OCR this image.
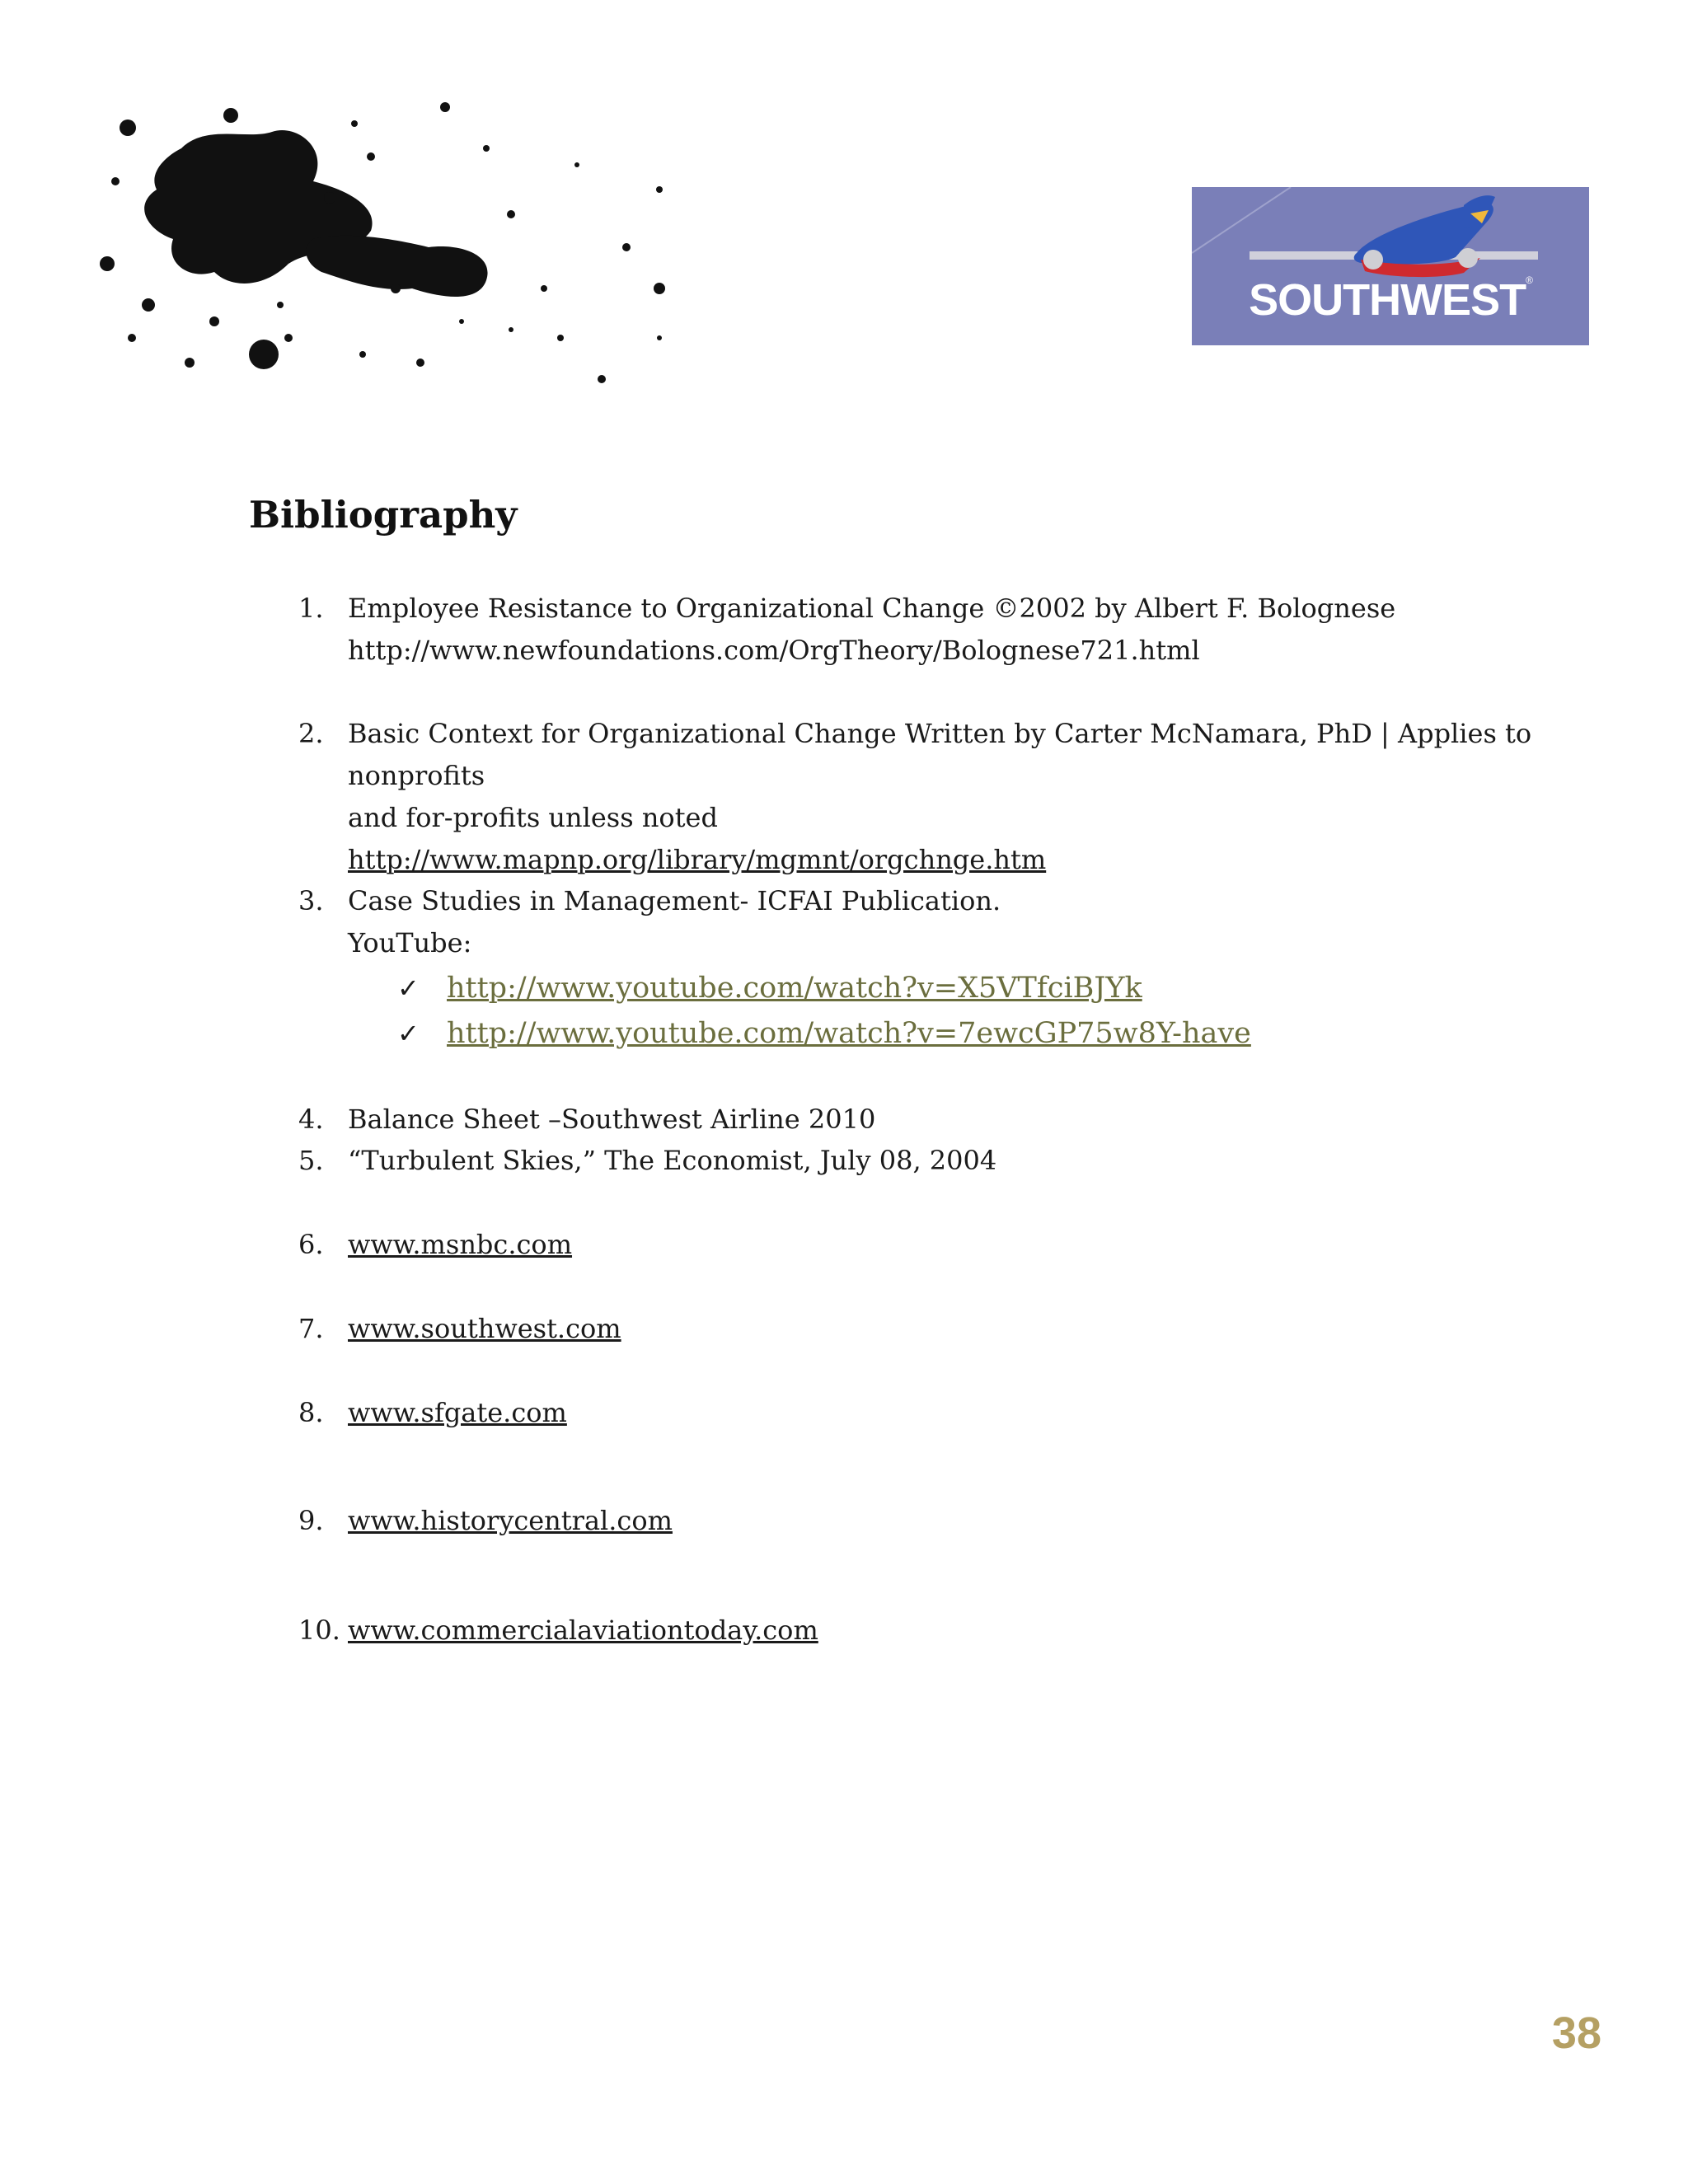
SOUTHWEST®
Bibliography
1. Employee Resistance to Organizational Change ©2002 by Albert F. Bolognese
http://www.newfoundations.com/OrgTheory/Bolognese721.html
2. Basic Context for Organizational Change Written by Carter McNamara, PhD | Applies to nonprofits
and for-profits unless noted
http://www.mapnp.org/library/mgmnt/orgchnge.htm
3. Case Studies in Management- ICFAI Publication.
YouTube:
✓ http://www.youtube.com/watch?v=X5VTfciBJYk
✓ http://www.youtube.com/watch?v=7ewcGP75w8Y-have
4. Balance Sheet –Southwest Airline 2010
5. “Turbulent Skies,” The Economist, July 08, 2004
6. www.msnbc.com
7. www.southwest.com
8. www.sfgate.com
9. www.historycentral.com
10. www.commercialaviationtoday.com
38
